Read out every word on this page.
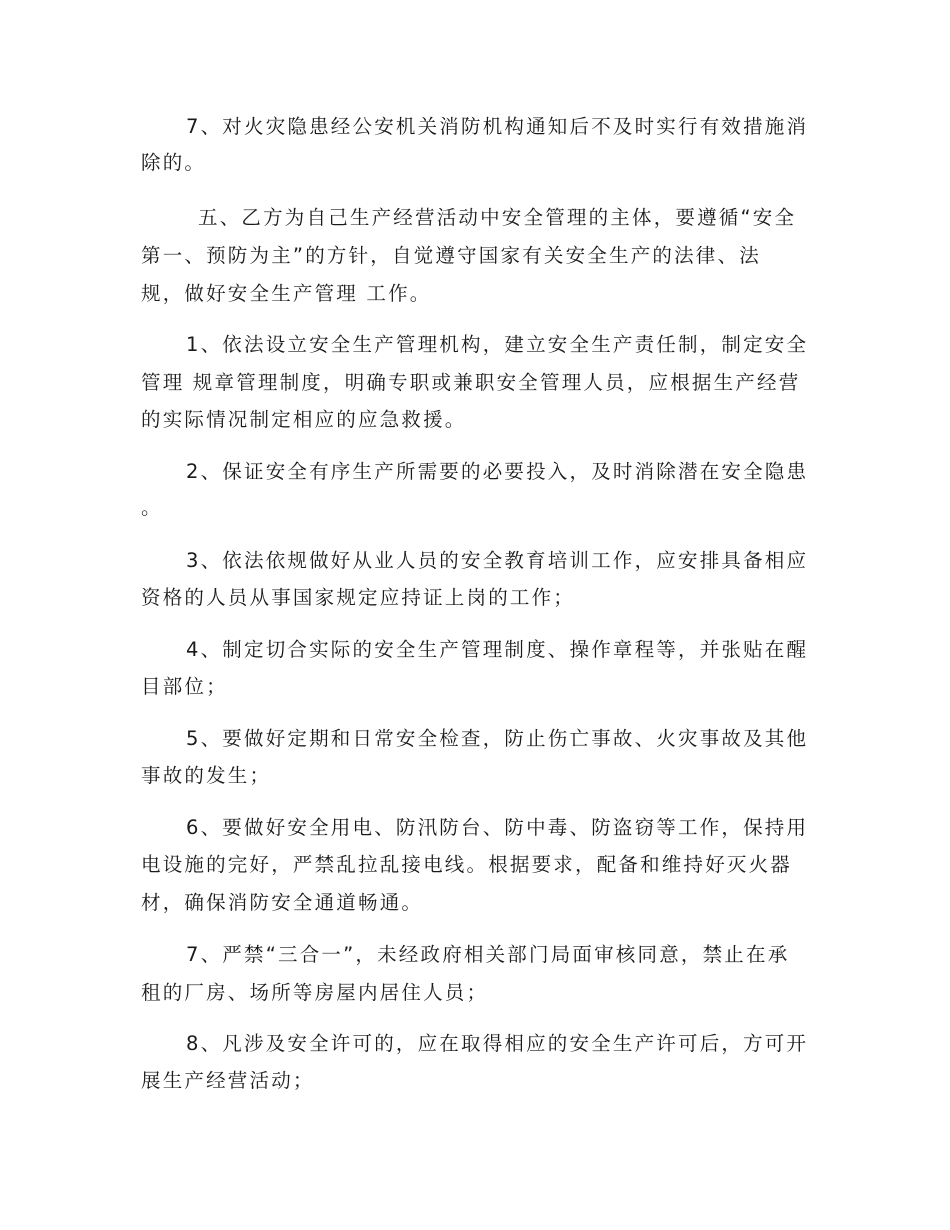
7、对火灾隐患经公安机关消防机构通知后不及时实行有效措施消

除的。

五、乙方为自己生产经营活动中安全管理的主体，要遵循“安全

第一、预防为主”的方针，自觉遵守国家有关安全生产的法律、法

规，做好安全生产管理 工作。

1、依法设立安全生产管理机构，建立安全生产责任制，制定安全

管理 规章管理制度，明确专职或兼职安全管理人员，应根据生产经营

的实际情况制定相应的应急救援。

2、保证安全有序生产所需要的必要投入，及时消除潜在安全隐患

。

3、依法依规做好从业人员的安全教育培训工作，应安排具备相应

资格的人员从事国家规定应持证上岗的工作；

4、制定切合实际的安全生产管理制度、操作章程等，并张贴在醒

目部位；

5、要做好定期和日常安全检查，防止伤亡事故、火灾事故及其他

事故的发生；

6、要做好安全用电、防汛防台、防中毒、防盗窃等工作，保持用

电设施的完好，严禁乱拉乱接电线。根据要求，配备和维持好灭火器

材，确保消防安全通道畅通。

7、严禁“三合一”，未经政府相关部门局面审核同意，禁止在承

租的厂房、场所等房屋内居住人员；

8、凡涉及安全许可的，应在取得相应的安全生产许可后，方可开

展生产经营活动；
